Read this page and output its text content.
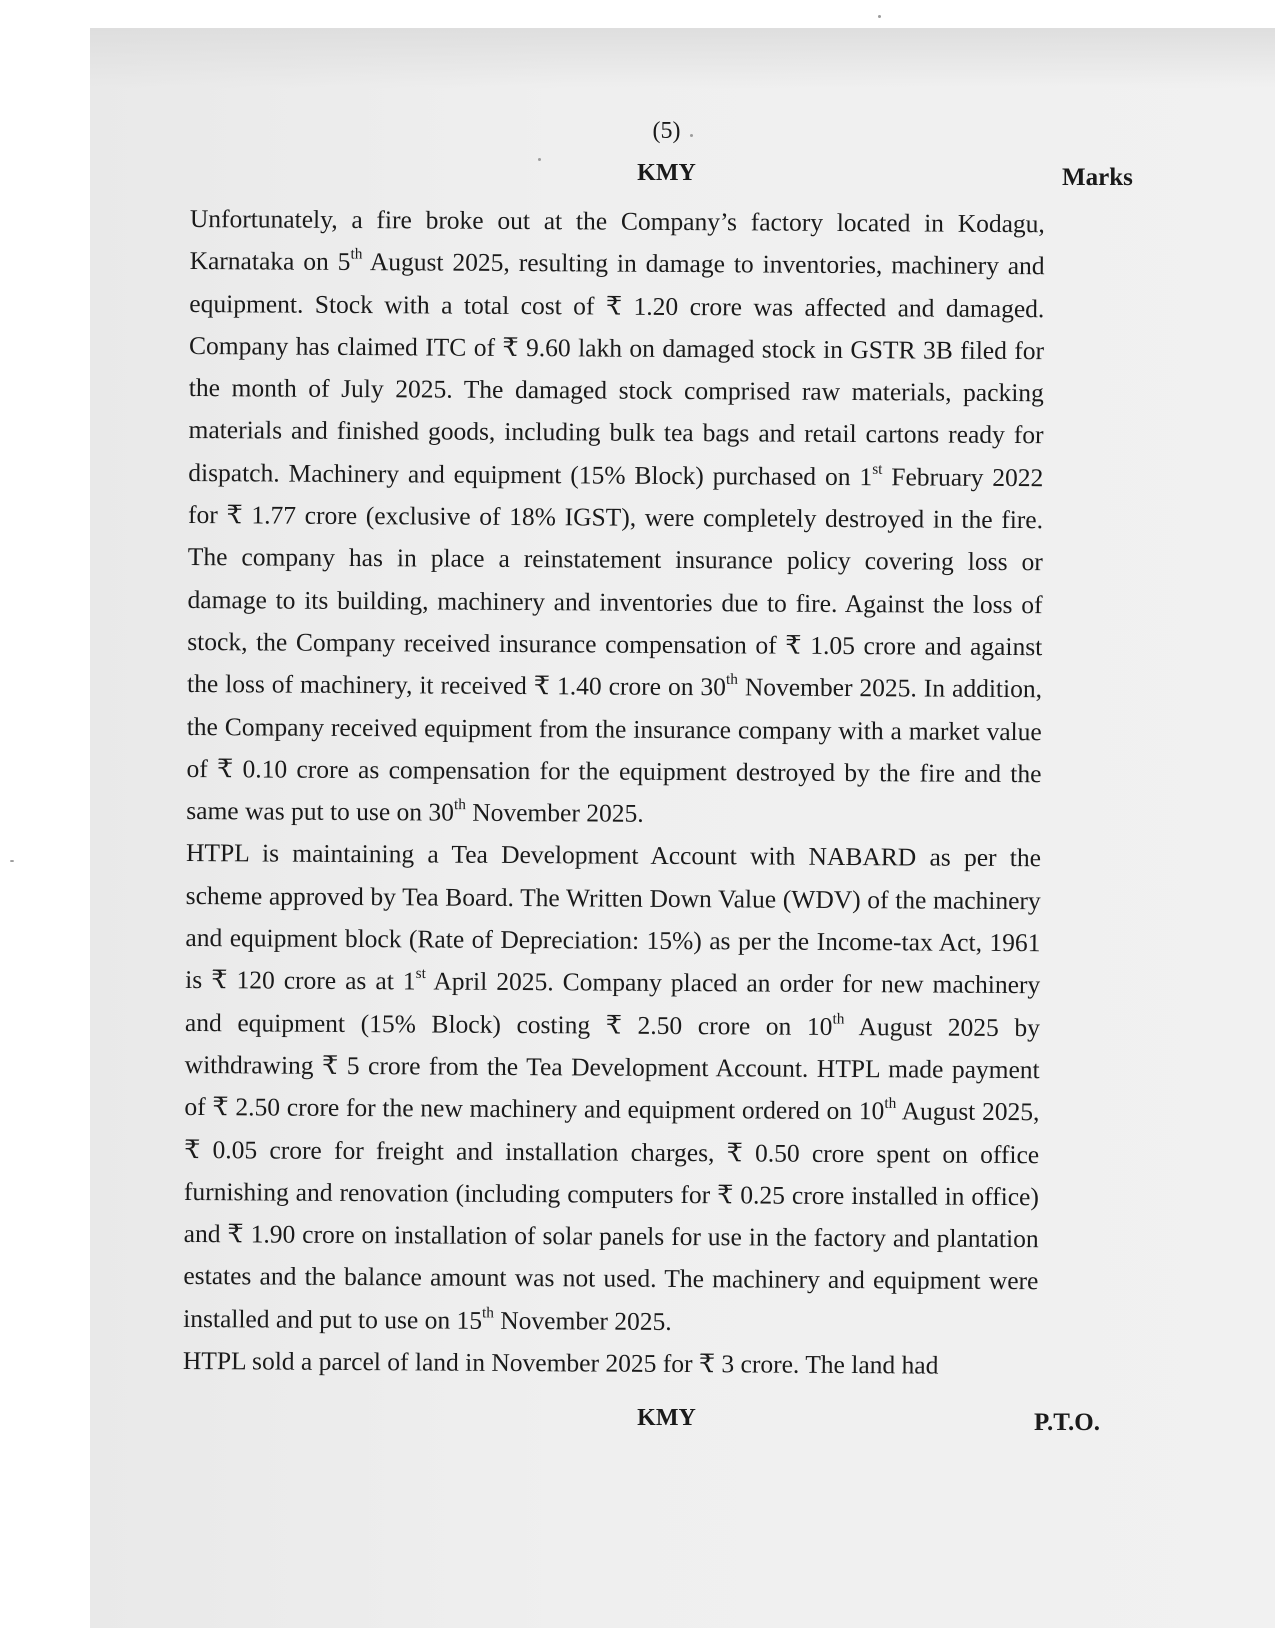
(5)
KMY	Marks

Unfortunately, a fire broke out at the Company’s factory located in Kodagu, Karnataka on 5th August 2025, resulting in damage to inventories, machinery and equipment. Stock with a total cost of ₹ 1.20 crore was affected and damaged. Company has claimed ITC of ₹ 9.60 lakh on damaged stock in GSTR 3B filed for the month of July 2025. The damaged stock comprised raw materials, packing materials and finished goods, including bulk tea bags and retail cartons ready for dispatch. Machinery and equipment (15% Block) purchased on 1st February 2022 for ₹ 1.77 crore (exclusive of 18% IGST), were completely destroyed in the fire. The company has in place a reinstatement insurance policy covering loss or damage to its building, machinery and inventories due to fire. Against the loss of stock, the Company received insurance compensation of ₹ 1.05 crore and against the loss of machinery, it received ₹ 1.40 crore on 30th November 2025. In addition, the Company received equipment from the insurance company with a market value of ₹ 0.10 crore as compensation for the equipment destroyed by the fire and the same was put to use on 30th November 2025.

HTPL is maintaining a Tea Development Account with NABARD as per the scheme approved by Tea Board. The Written Down Value (WDV) of the machinery and equipment block (Rate of Depreciation: 15%) as per the Income-tax Act, 1961 is ₹ 120 crore as at 1st April 2025. Company placed an order for new machinery and equipment (15% Block) costing ₹ 2.50 crore on 10th August 2025 by withdrawing ₹ 5 crore from the Tea Development Account. HTPL made payment of ₹ 2.50 crore for the new machinery and equipment ordered on 10th August 2025, ₹ 0.05 crore for freight and installation charges, ₹ 0.50 crore spent on office furnishing and renovation (including computers for ₹ 0.25 crore installed in office) and ₹ 1.90 crore on installation of solar panels for use in the factory and plantation estates and the balance amount was not used. The machinery and equipment were installed and put to use on 15th November 2025.

HTPL sold a parcel of land in November 2025 for ₹ 3 crore. The land had

KMY	P.T.O.
